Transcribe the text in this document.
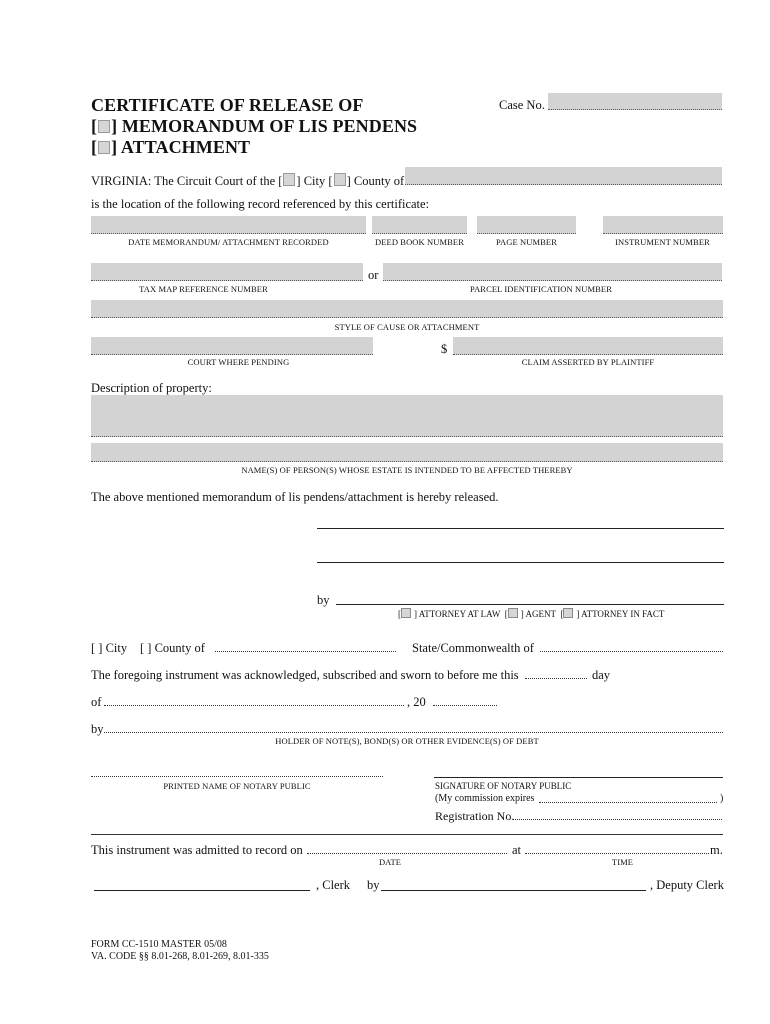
CERTIFICATE OF RELEASE OF
[ ] MEMORANDUM OF LIS PENDENS
[ ] ATTACHMENT
Case No.
VIRGINIA: The Circuit Court of the [ ] City [ ] County of
is the location of the following record referenced by this certificate:
DATE MEMORANDUM/ ATTACHMENT RECORDED	DEED BOOK NUMBER	PAGE NUMBER	INSTRUMENT NUMBER
or
TAX MAP REFERENCE NUMBER	PARCEL IDENTIFICATION NUMBER
STYLE OF CAUSE OR ATTACHMENT
$
COURT WHERE PENDING	CLAIM ASSERTED BY PLAINTIFF
Description of property:
NAME(S) OF PERSON(S) WHOSE ESTATE IS INTENDED TO BE AFFECTED THEREBY
The above mentioned memorandum of lis pendens/attachment is hereby released.
by
[ ] ATTORNEY AT LAW [ ] AGENT [ ] ATTORNEY IN FACT
[ ] City [ ] County of	State/Commonwealth of
The foregoing instrument was acknowledged, subscribed and sworn to before me this	day
of	, 20
by
HOLDER OF NOTE(S), BOND(S) OR OTHER EVIDENCE(S) OF DEBT
PRINTED NAME OF NOTARY PUBLIC	SIGNATURE OF NOTARY PUBLIC
(My commission expires	)
Registration No.
This instrument was admitted to record on	at	m.
DATE	TIME
, Clerk by	, Deputy Clerk
FORM CC-1510 MASTER 05/08
VA. CODE §§ 8.01-268, 8.01-269, 8.01-335
